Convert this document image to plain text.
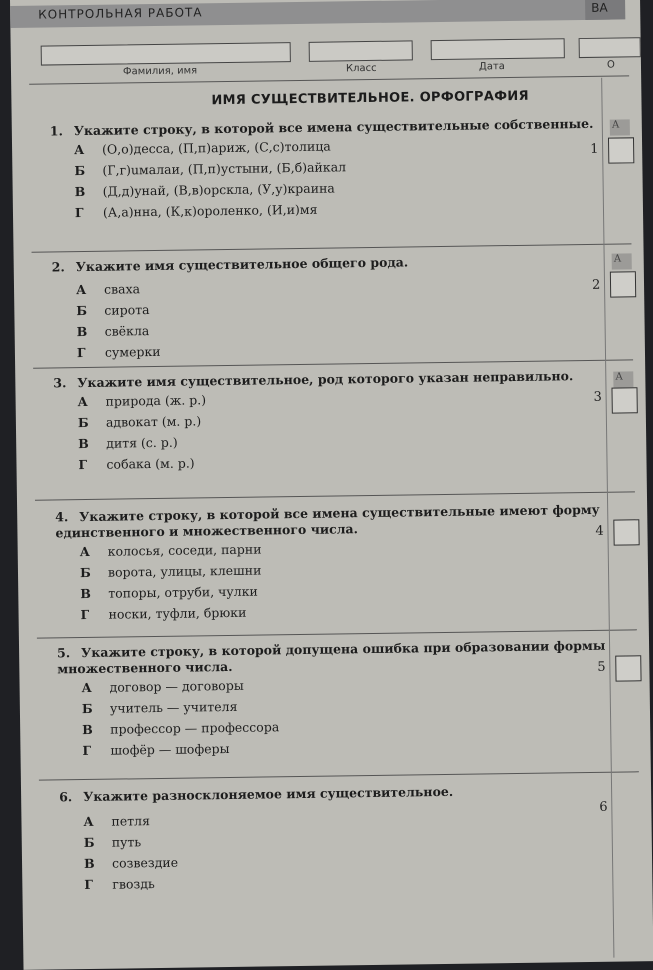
КОНТРОЛЬНАЯ РАБОТА	ВА
Фамилия, имя	Класс	Дата	О
ИМЯ СУЩЕСТВИТЕЛЬНОЕ. ОРФОГРАФИЯ
1. Укажите строку, в которой все имена существительные собственные.
А (О,о)десса, (П,п)ариж, (С,с)толица
Б (Г,г)uмалаи, (П,п)устыни, (Б,б)айкал
В (Д,д)унай, (В,в)орскла, (У,у)краина
Г (А,а)нна, (К,к)ороленко, (И,и)мя
А
1
2. Укажите имя существительное общего рода.
А сваха
Б сирота
В свёкла
Г сумерки
А
2
3. Укажите имя существительное, род которого указан неправильно.
А природа (ж. р.)
Б адвокат (м. р.)
В дитя (с. р.)
Г собака (м. р.)
А
3
4. Укажите строку, в которой все имена существительные имеют форму единственного и множественного числа.
А колосья, соседи, парни
Б ворота, улицы, клешни
В топоры, отруби, чулки
Г носки, туфли, брюки
4
5. Укажите строку, в которой допущена ошибка при образовании формы множественного числа.
А договор — договоры
Б учитель — учителя
В профессор — профессора
Г шофёр — шоферы
5
6. Укажите разносклоняемое имя существительное.
А петля
Б путь
В созвездие
Г гвоздь
6
